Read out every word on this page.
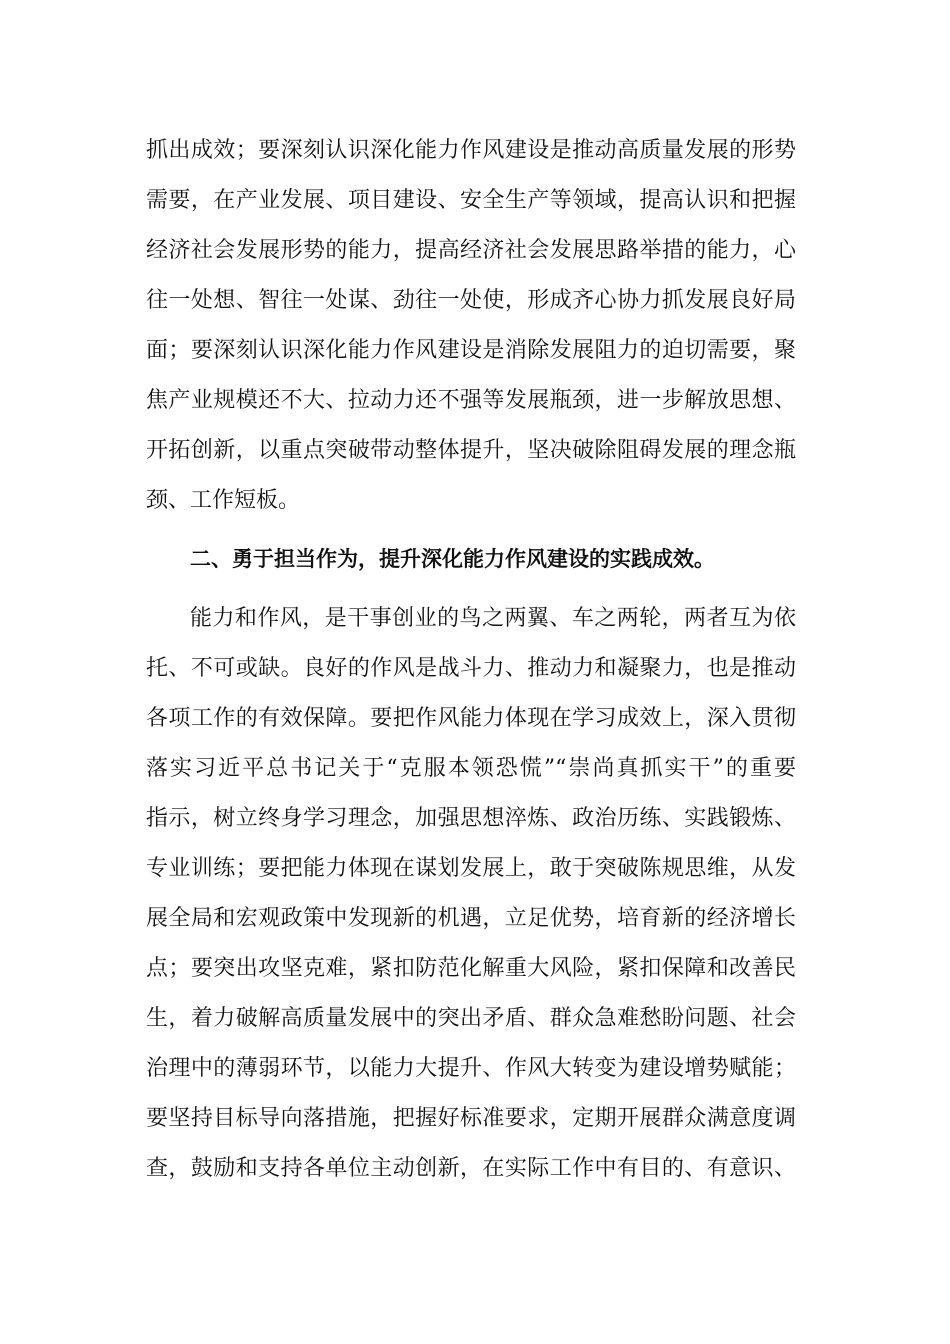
抓出成效；要深刻认识深化能力作风建设是推动高质量发展的形势
需要，在产业发展、项目建设、安全生产等领域，提高认识和把握
经济社会发展形势的能力，提高经济社会发展思路举措的能力，心
往一处想、智往一处谋、劲往一处使，形成齐心协力抓发展良好局
面；要深刻认识深化能力作风建设是消除发展阻力的迫切需要，聚
焦产业规模还不大、拉动力还不强等发展瓶颈，进一步解放思想、
开拓创新，以重点突破带动整体提升，坚决破除阻碍发展的理念瓶
颈、工作短板。
二、勇于担当作为，提升深化能力作风建设的实践成效。
能力和作风，是干事创业的鸟之两翼、车之两轮，两者互为依
托、不可或缺。良好的作风是战斗力、推动力和凝聚力，也是推动
各项工作的有效保障。要把作风能力体现在学习成效上，深入贯彻
落实习近平总书记关于“克服本领恐慌”“崇尚真抓实干”的重要
指示，树立终身学习理念，加强思想淬炼、政治历练、实践锻炼、
专业训练；要把能力体现在谋划发展上，敢于突破陈规思维，从发
展全局和宏观政策中发现新的机遇，立足优势，培育新的经济增长
点；要突出攻坚克难，紧扣防范化解重大风险，紧扣保障和改善民
生，着力破解高质量发展中的突出矛盾、群众急难愁盼问题、社会
治理中的薄弱环节，以能力大提升、作风大转变为建设增势赋能；
要坚持目标导向落措施，把握好标准要求，定期开展群众满意度调
查，鼓励和支持各单位主动创新，在实际工作中有目的、有意识、
